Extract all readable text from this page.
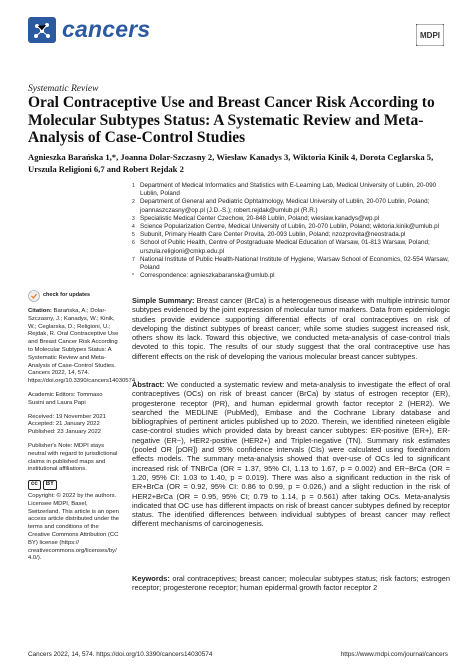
cancers	MDPI
Systematic Review
Oral Contraceptive Use and Breast Cancer Risk According to Molecular Subtypes Status: A Systematic Review and Meta-Analysis of Case-Control Studies
Agnieszka Barańska 1,*, Joanna Dolar-Szczasny 2, Wiesław Kanadys 3, Wiktoria Kinik 4, Dorota Ceglarska 5,
Urszula Religioni 6,7 and Robert Rejdak 2
1 Department of Medical Informatics and Statistics with E-Learning Lab, Medical University of Lublin, 20-090 Lublin, Poland
2 Department of General and Pediatric Ophtalmology, Medical University of Lublin, 20-070 Lublin, Poland; joannaszczasny@op.pl (J.D.-S.); robert.rejdak@umlub.pl (R.R.)
3 Specialistic Medical Center Czechow, 20-848 Lublin, Poland; wieslaw.kanadys@wp.pl
4 Science Popularization Centre, Medical University of Lublin, 20-070 Lublin, Poland; wiktoria.kinik@umlub.pl
5 Subunit, Primary Health Care Center Provita, 20-093 Lublin, Poland; nzozprovita@neostrada.pl
6 School of Public Health, Centre of Postgraduate Medical Education of Warsaw, 01-813 Warsaw, Poland; urszula.religioni@cmkp.edu.pl
7 National Institute of Public Health-National Institute of Hygiene, Warsaw School of Economics, 02-554 Warsaw, Poland
* Correspondence: agnieszkabaranska@umlub.pl
check for updates
Citation: Barańska, A.; Dolar-Szczasny, J.; Kanadys, W.; Kinik, W.; Ceglarska, D.; Religioni, U.; Rejdak, R. Oral Contraceptive Use and Breast Cancer Risk According to Molecular Subtypes Status: A Systematic Review and Meta-Analysis of Case-Control Studies. Cancers 2022, 14, 574. https://doi.org/10.3390/cancers14030574
Academic Editors: Tommaso Susini and Laura Papi
Received: 19 November 2021
Accepted: 21 January 2022
Published: 23 January 2022
Publisher's Note: MDPI stays neutral with regard to jurisdictional claims in published maps and institutional affiliations.
cc	BY
Copyright: © 2022 by the authors. Licensee MDPI, Basel, Switzerland. This article is an open access article distributed under the terms and conditions of the Creative Commons Attribution (CC BY) license (https:// creativecommons.org/licenses/by/ 4.0/).
Simple Summary: Breast cancer (BrCa) is a heterogeneous disease with multiple intrinsic tumor subtypes evidenced by the joint expression of molecular tumor markers. Data from epidemiologic studies provide evidence supporting differential effects of oral contraceptives on risk of developing the distinct subtypes of breast cancer; while some studies suggest increased risk, others show its lack. Toward this objective, we conducted meta-analysis of case-control trials devoted to this topic. The results of our study suggest that the oral contraceptive use has different effects on the risk of developing the various molecular breast cancer subtypes.
Abstract: We conducted a systematic review and meta-analysis to investigate the effect of oral contraceptives (OCs) on risk of breast cancer (BrCa) by status of estrogen receptor (ER), progesterone receptor (PR), and human epidermal growth factor receptor 2 (HER2). We searched the MEDLINE (PubMed), Embase and the Cochrane Library database and bibliographies of pertinent articles published up to 2020. Therein, we identified nineteen eligible case-control studies which provided data by breast cancer subtypes: ER-positive (ER+), ER-negative (ER−), HER2-positive (HER2+) and Triplet-negative (TN). Summary risk estimates (pooled OR [pOR]) and 95% confidence intervals (CIs) were calculated using fixed/random effects models. The summary meta-analysis showed that over-use of OCs led to significant increased risk of TNBrCa (OR = 1.37, 95% CI, 1.13 to 1.67, p = 0.002) and ER−BrCa (OR = 1.20, 95% CI: 1.03 to 1.40, p = 0.019). There was also a significant reduction in the risk of ER+BrCa (OR = 0.92, 95% CI: 0.86 to 0.99, p = 0.026,) and a slight reduction in the risk of HER2+BrCa (OR = 0.95, 95% CI; 0.79 to 1.14, p = 0.561) after taking OCs. Meta-analysis indicated that OC use has different impacts on risk of breast cancer subtypes defined by receptor status. The identified differences between individual subtypes of breast cancer may reflect different mechanisms of carcinogenesis.
Keywords: oral contraceptives; breast cancer; molecular subtypes status; risk factors; estrogen receptor; progesterone receptor; human epidermal growth factor receptor 2
Cancers 2022, 14, 574. https://doi.org/10.3390/cancers14030574	https://www.mdpi.com/journal/cancers
